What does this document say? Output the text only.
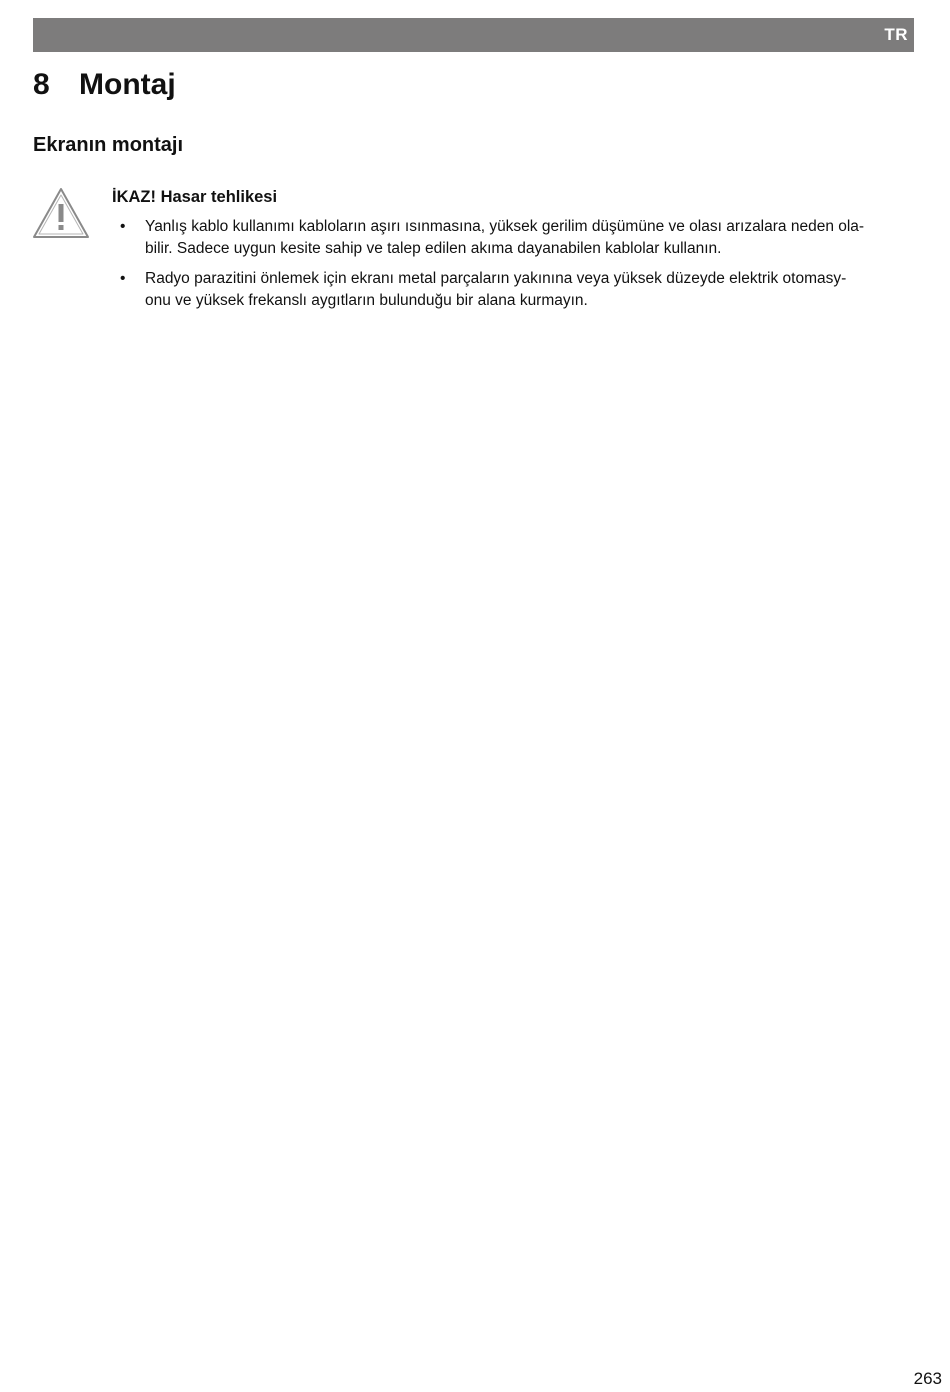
TR
8 Montaj
Ekranın montajı
İKAZ! Hasar tehlikesi
• Yanlış kablo kullanımı kabloların aşırı ısınmasına, yüksek gerilim düşümüne ve olası arızalara neden ola-
bilir. Sadece uygun kesite sahip ve talep edilen akıma dayanabilen kablolar kullanın.
• Radyo parazitini önlemek için ekranı metal parçaların yakınına veya yüksek düzeyde elektrik otomasy-
onu ve yüksek frekanslı aygıtların bulunduğu bir alana kurmayın.
263
